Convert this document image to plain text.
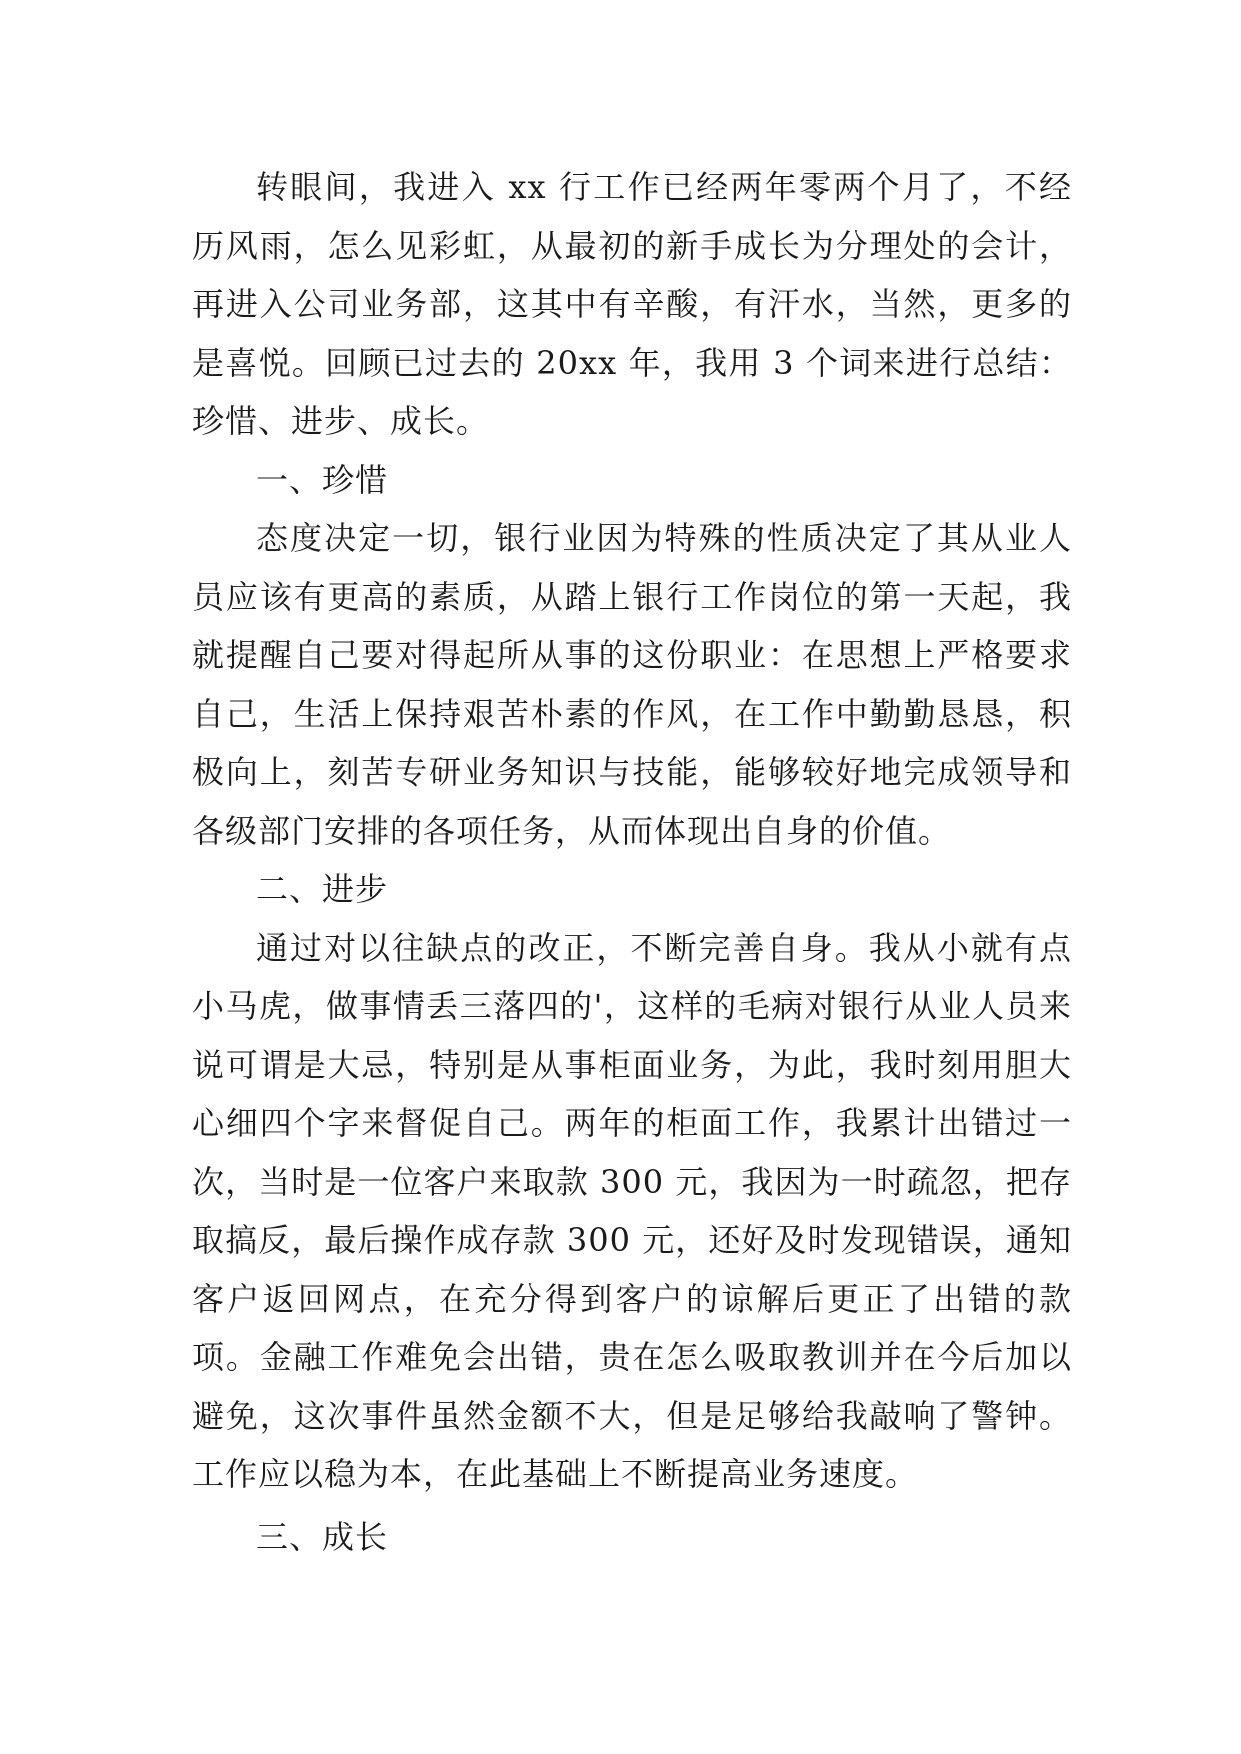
转眼间，我进入 xx 行工作已经两年零两个月了，不经历风雨，怎么见彩虹，从最初的新手成长为分理处的会计，再进入公司业务部，这其中有辛酸，有汗水，当然，更多的是喜悦。回顾已过去的 20xx 年，我用 3 个词来进行总结：珍惜、进步、成长。

一、珍惜

态度决定一切，银行业因为特殊的性质决定了其从业人员应该有更高的素质，从踏上银行工作岗位的第一天起，我就提醒自己要对得起所从事的这份职业：在思想上严格要求自己，生活上保持艰苦朴素的作风，在工作中勤勤恳恳，积极向上，刻苦专研业务知识与技能，能够较好地完成领导和各级部门安排的各项任务，从而体现出自身的价值。

二、进步

通过对以往缺点的改正，不断完善自身。我从小就有点小马虎，做事情丢三落四的'，这样的毛病对银行从业人员来说可谓是大忌，特别是从事柜面业务，为此，我时刻用胆大心细四个字来督促自己。两年的柜面工作，我累计出错过一次，当时是一位客户来取款 300 元，我因为一时疏忽，把存取搞反，最后操作成存款 300 元，还好及时发现错误，通知客户返回网点，在充分得到客户的谅解后更正了出错的款项。金融工作难免会出错，贵在怎么吸取教训并在今后加以避免，这次事件虽然金额不大，但是足够给我敲响了警钟。工作应以稳为本，在此基础上不断提高业务速度。

三、成长
